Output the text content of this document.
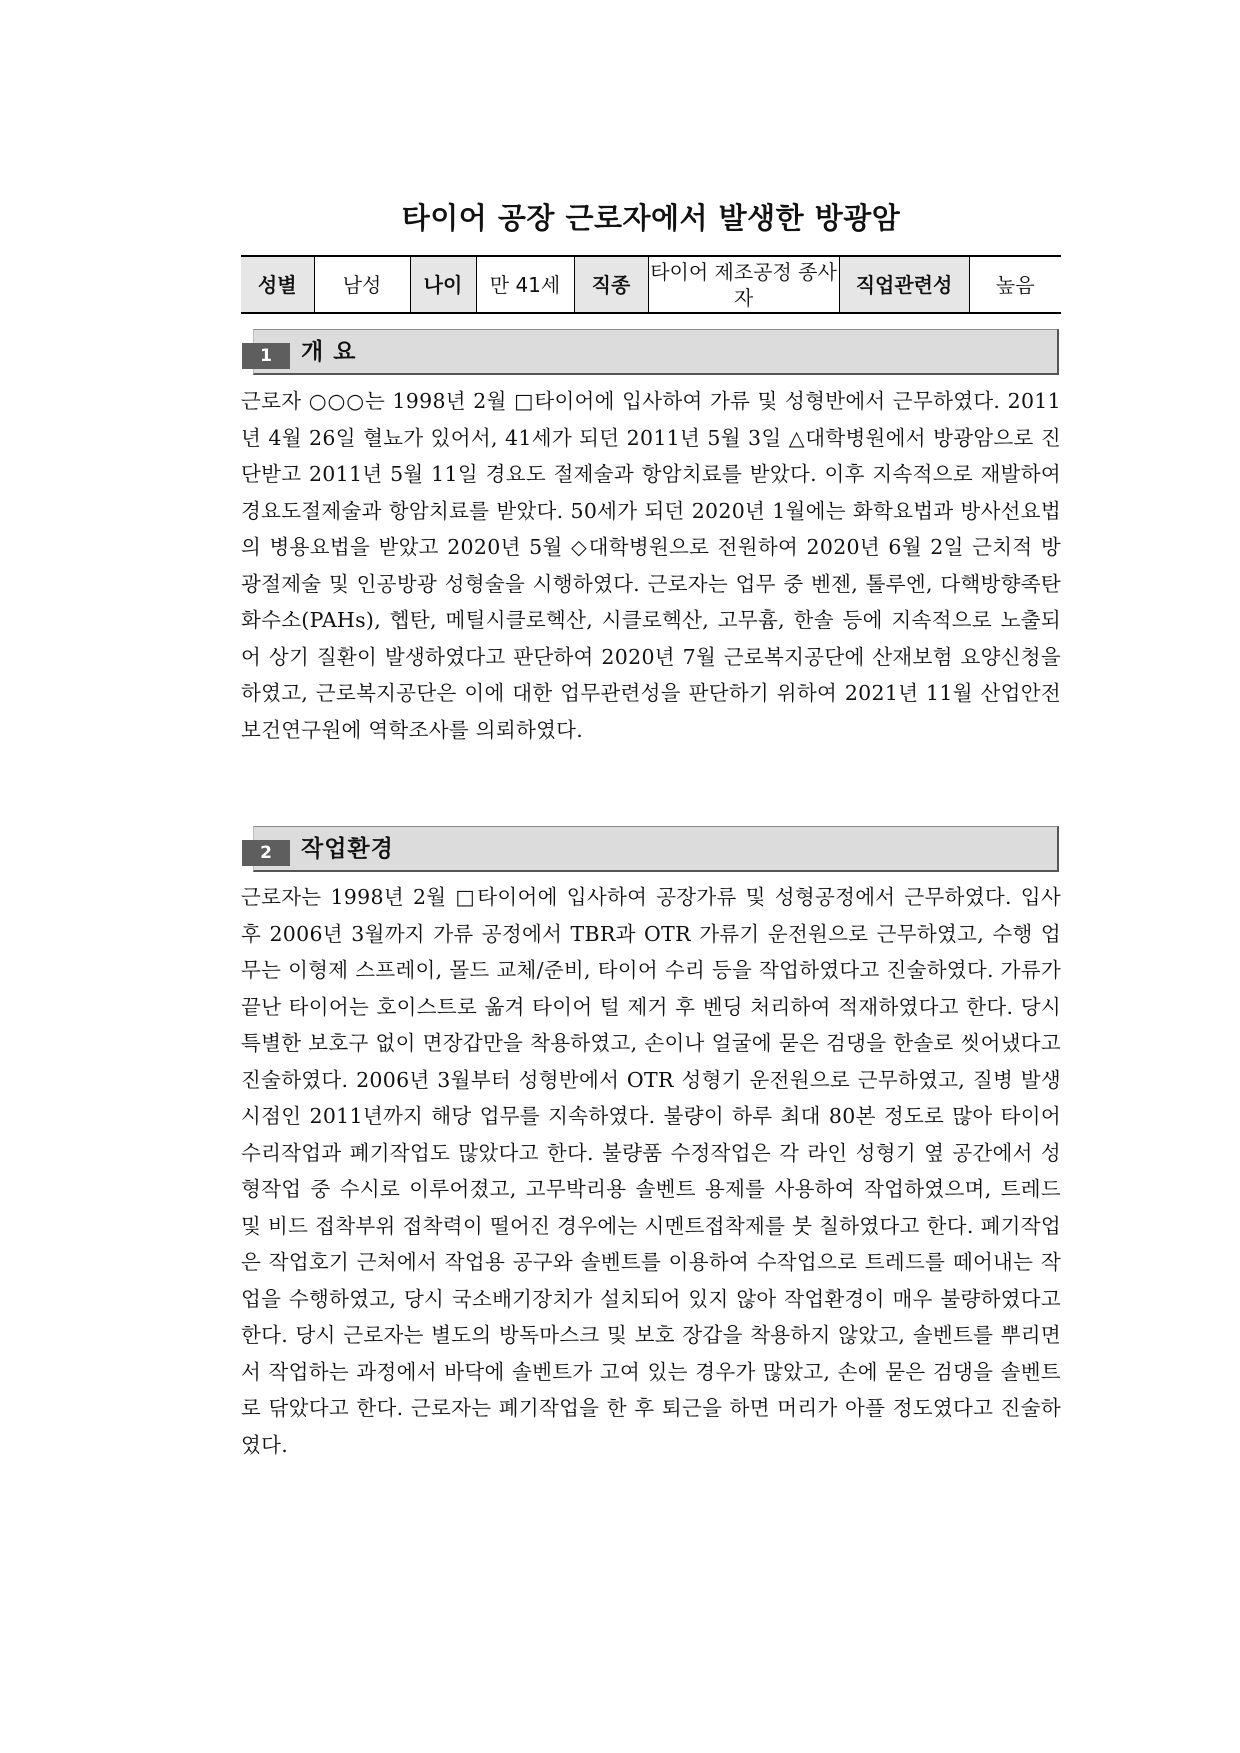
타이어 공장 근로자에서 발생한 방광암
성별	남성	나이	만 41세	직종	타이어 제조공정 종사자	직업관련성	높음
1	개 요
근로자 ○○○는 1998년 2월 □타이어에 입사하여 가류 및 성형반에서 근무하였다. 2011년 4월 26일 혈뇨가 있어서, 41세가 되던 2011년 5월 3일 △대학병원에서 방광암으로 진단받고 2011년 5월 11일 경요도 절제술과 항암치료를 받았다. 이후 지속적으로 재발하여 경요도절제술과 항암치료를 받았다. 50세가 되던 2020년 1월에는 화학요법과 방사선요법의 병용요법을 받았고 2020년 5월 ◇대학병원으로 전원하여 2020년 6월 2일 근치적 방광절제술 및 인공방광 성형술을 시행하였다. 근로자는 업무 중 벤젠, 톨루엔, 다핵방향족탄화수소(PAHs), 헵탄, 메틸시클로헥산, 시클로헥산, 고무흄, 한솔 등에 지속적으로 노출되어 상기 질환이 발생하였다고 판단하여 2020년 7월 근로복지공단에 산재보험 요양신청을 하였고, 근로복지공단은 이에 대한 업무관련성을 판단하기 위하여 2021년 11월 산업안전보건연구원에 역학조사를 의뢰하였다.
2	작업환경
근로자는 1998년 2월 □타이어에 입사하여 공장가류 및 성형공정에서 근무하였다. 입사 후 2006년 3월까지 가류 공정에서 TBR과 OTR 가류기 운전원으로 근무하였고, 수행 업무는 이형제 스프레이, 몰드 교체/준비, 타이어 수리 등을 작업하였다고 진술하였다. 가류가 끝난 타이어는 호이스트로 옮겨 타이어 털 제거 후 벤딩 처리하여 적재하였다고 한다. 당시 특별한 보호구 없이 면장갑만을 착용하였고, 손이나 얼굴에 묻은 검댕을 한솔로 씻어냈다고 진술하였다. 2006년 3월부터 성형반에서 OTR 성형기 운전원으로 근무하였고, 질병 발생 시점인 2011년까지 해당 업무를 지속하였다. 불량이 하루 최대 80본 정도로 많아 타이어 수리작업과 폐기작업도 많았다고 한다. 불량품 수정작업은 각 라인 성형기 옆 공간에서 성형작업 중 수시로 이루어졌고, 고무박리용 솔벤트 용제를 사용하여 작업하였으며, 트레드 및 비드 접착부위 접착력이 떨어진 경우에는 시멘트접착제를 붓 칠하였다고 한다. 폐기작업은 작업호기 근처에서 작업용 공구와 솔벤트를 이용하여 수작업으로 트레드를 떼어내는 작업을 수행하였고, 당시 국소배기장치가 설치되어 있지 않아 작업환경이 매우 불량하였다고 한다. 당시 근로자는 별도의 방독마스크 및 보호 장갑을 착용하지 않았고, 솔벤트를 뿌리면서 작업하는 과정에서 바닥에 솔벤트가 고여 있는 경우가 많았고, 손에 묻은 검댕을 솔벤트로 닦았다고 한다. 근로자는 폐기작업을 한 후 퇴근을 하면 머리가 아플 정도였다고 진술하였다.
